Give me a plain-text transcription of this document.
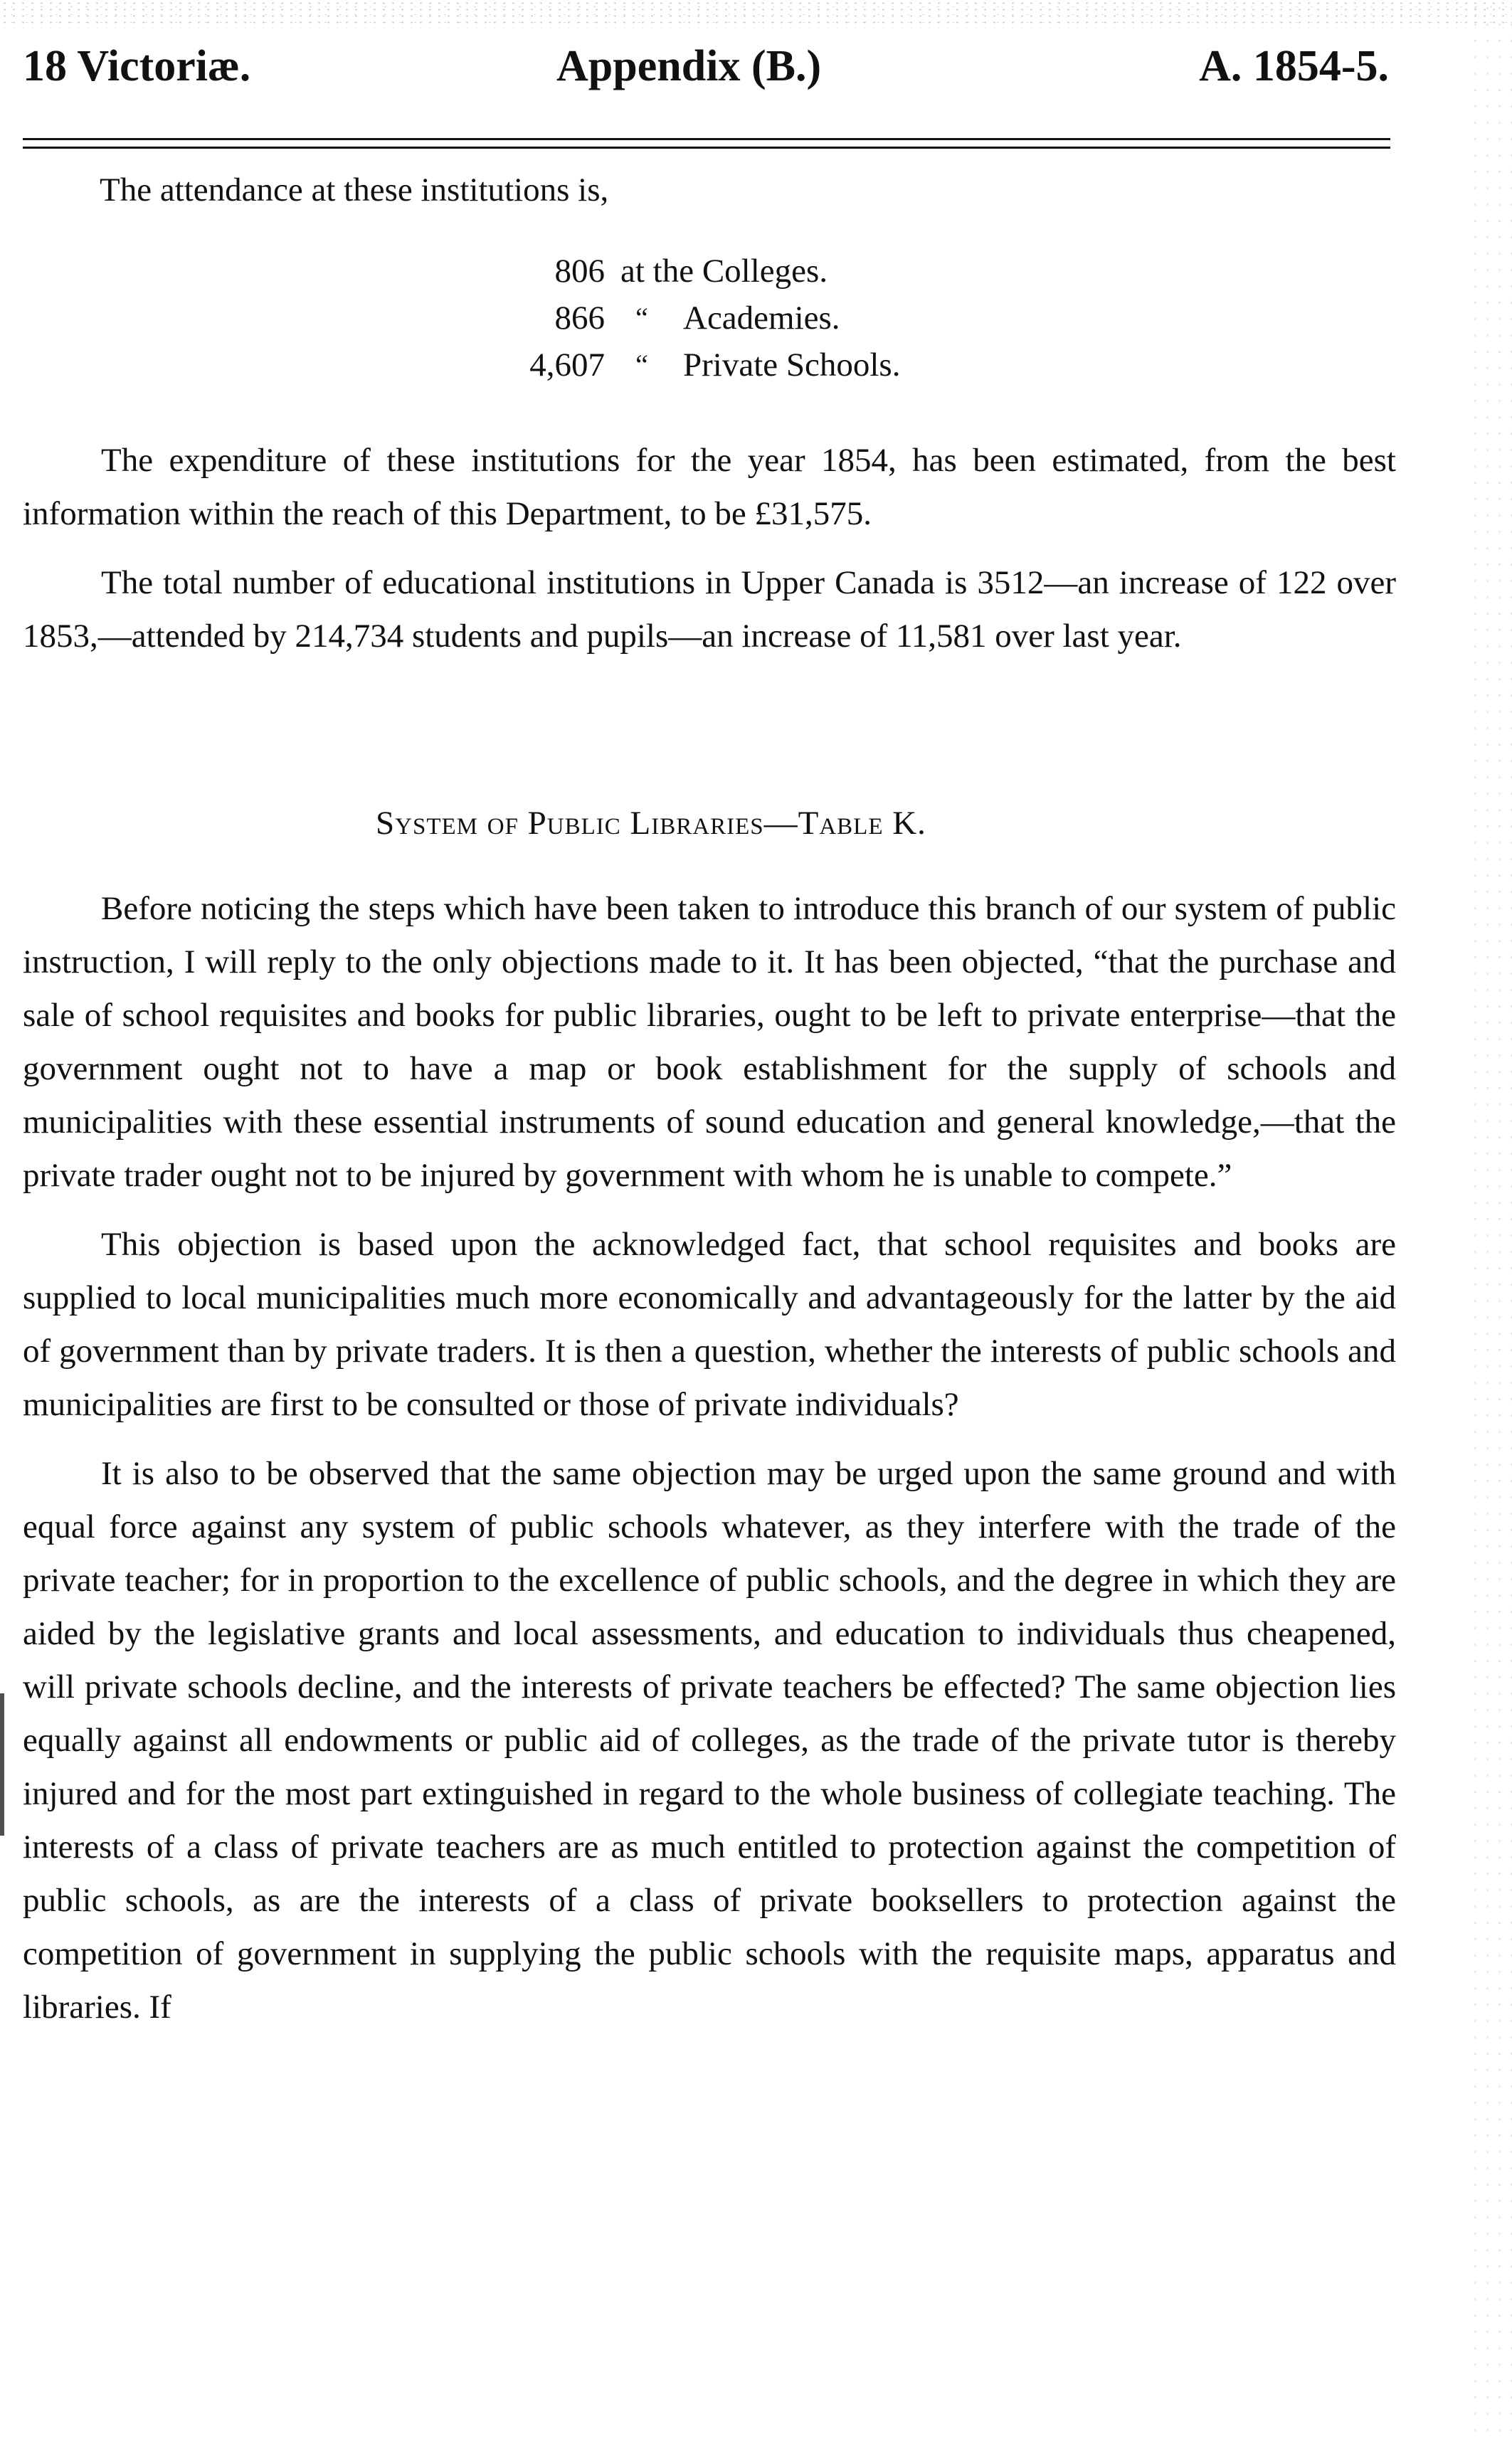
18 Victoriæ.	Appendix (B.)	A. 1854-5.
The attendance at these institutions is,
806 at the Colleges.
866	“	Academies.
4,607	“	Private Schools.

The expenditure of these institutions for the year 1854, has been estimated, from the best information within the reach of this Department, to be £31,575.

The total number of educational institutions in Upper Canada is 3512—an increase of 122 over 1853,—attended by 214,734 students and pupils—an increase of 11,581 over last year.

System of Public Libraries—Table K.

Before noticing the steps which have been taken to introduce this branch of our system of public instruction, I will reply to the only objections made to it. It has been objected, “that the purchase and sale of school requisites and books for public libraries, ought to be left to private enterprise—that the government ought not to have a map or book establishment for the supply of schools and municipalities with these essential instruments of sound education and general knowledge,—that the private trader ought not to be injured by government with whom he is unable to compete.”

This objection is based upon the acknowledged fact, that school requisites and books are supplied to local municipalities much more economically and advantageously for the latter by the aid of government than by private traders. It is then a question, whether the interests of public schools and municipalities are first to be consulted or those of private individuals?

It is also to be observed that the same objection may be urged upon the same ground and with equal force against any system of public schools whatever, as they interfere with the trade of the private teacher; for in proportion to the excellence of public schools, and the degree in which they are aided by the legislative grants and local assessments, and education to individuals thus cheapened, will private schools decline, and the interests of private teachers be effected? The same objection lies equally against all endowments or public aid of colleges, as the trade of the private tutor is thereby injured and for the most part extinguished in regard to the whole business of collegiate teaching. The interests of a class of private teachers are as much entitled to protection against the competition of public schools, as are the interests of a class of private booksellers to protection against the competition of government in supplying the public schools with the requisite maps, apparatus and libraries. If
